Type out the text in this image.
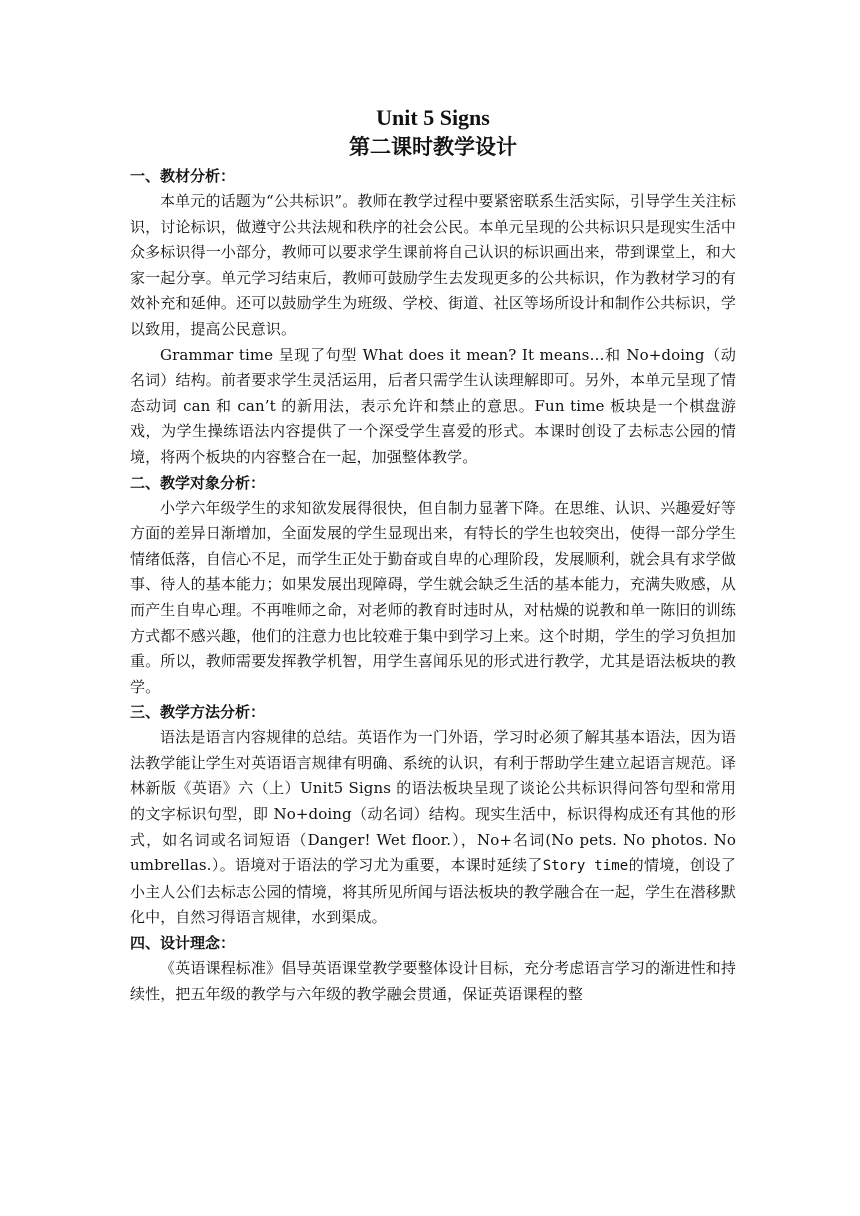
Unit 5 Signs
第二课时教学设计

一、教材分析：

本单元的话题为“公共标识”。教师在教学过程中要紧密联系生活实际，引导学生关注标识，讨论标识，做遵守公共法规和秩序的社会公民。本单元呈现的公共标识只是现实生活中众多标识得一小部分，教师可以要求学生课前将自己认识的标识画出来，带到课堂上，和大家一起分享。单元学习结束后，教师可鼓励学生去发现更多的公共标识，作为教材学习的有效补充和延伸。还可以鼓励学生为班级、学校、街道、社区等场所设计和制作公共标识，学以致用，提高公民意识。

Grammar time 呈现了句型 What does it mean? It means…和 No+doing（动名词）结构。前者要求学生灵活运用，后者只需学生认读理解即可。另外，本单元呈现了情态动词 can 和 can’t 的新用法，表示允许和禁止的意思。Fun time 板块是一个棋盘游戏，为学生操练语法内容提供了一个深受学生喜爱的形式。本课时创设了去标志公园的情境，将两个板块的内容整合在一起，加强整体教学。

二、教学对象分析：

小学六年级学生的求知欲发展得很快，但自制力显著下降。在思维、认识、兴趣爱好等方面的差异日渐增加，全面发展的学生显现出来，有特长的学生也较突出，使得一部分学生情绪低落，自信心不足，而学生正处于勤奋或自卑的心理阶段，发展顺利，就会具有求学做事、待人的基本能力；如果发展出现障碍，学生就会缺乏生活的基本能力，充满失败感，从而产生自卑心理。不再唯师之命，对老师的教育时违时从，对枯燥的说教和单一陈旧的训练方式都不感兴趣，他们的注意力也比较难于集中到学习上来。这个时期，学生的学习负担加重。所以，教师需要发挥教学机智，用学生喜闻乐见的形式进行教学，尤其是语法板块的教学。

三、教学方法分析：

语法是语言内容规律的总结。英语作为一门外语，学习时必须了解其基本语法，因为语法教学能让学生对英语语言规律有明确、系统的认识，有利于帮助学生建立起语言规范。译林新版《英语》六（上）Unit5 Signs 的语法板块呈现了谈论公共标识得问答句型和常用的文字标识句型，即 No+doing（动名词）结构。现实生活中，标识得构成还有其他的形式，如名词或名词短语（Danger! Wet floor.），No+名词(No pets. No photos. No umbrellas.）。语境对于语法的学习尤为重要，本课时延续了Story time的情境，创设了小主人公们去标志公园的情境，将其所见所闻与语法板块的教学融合在一起，学生在潜移默化中，自然习得语言规律，水到渠成。

四、设计理念：

《英语课程标准》倡导英语课堂教学要整体设计目标，充分考虑语言学习的渐进性和持续性，把五年级的教学与六年级的教学融会贯通，保证英语课程的整
